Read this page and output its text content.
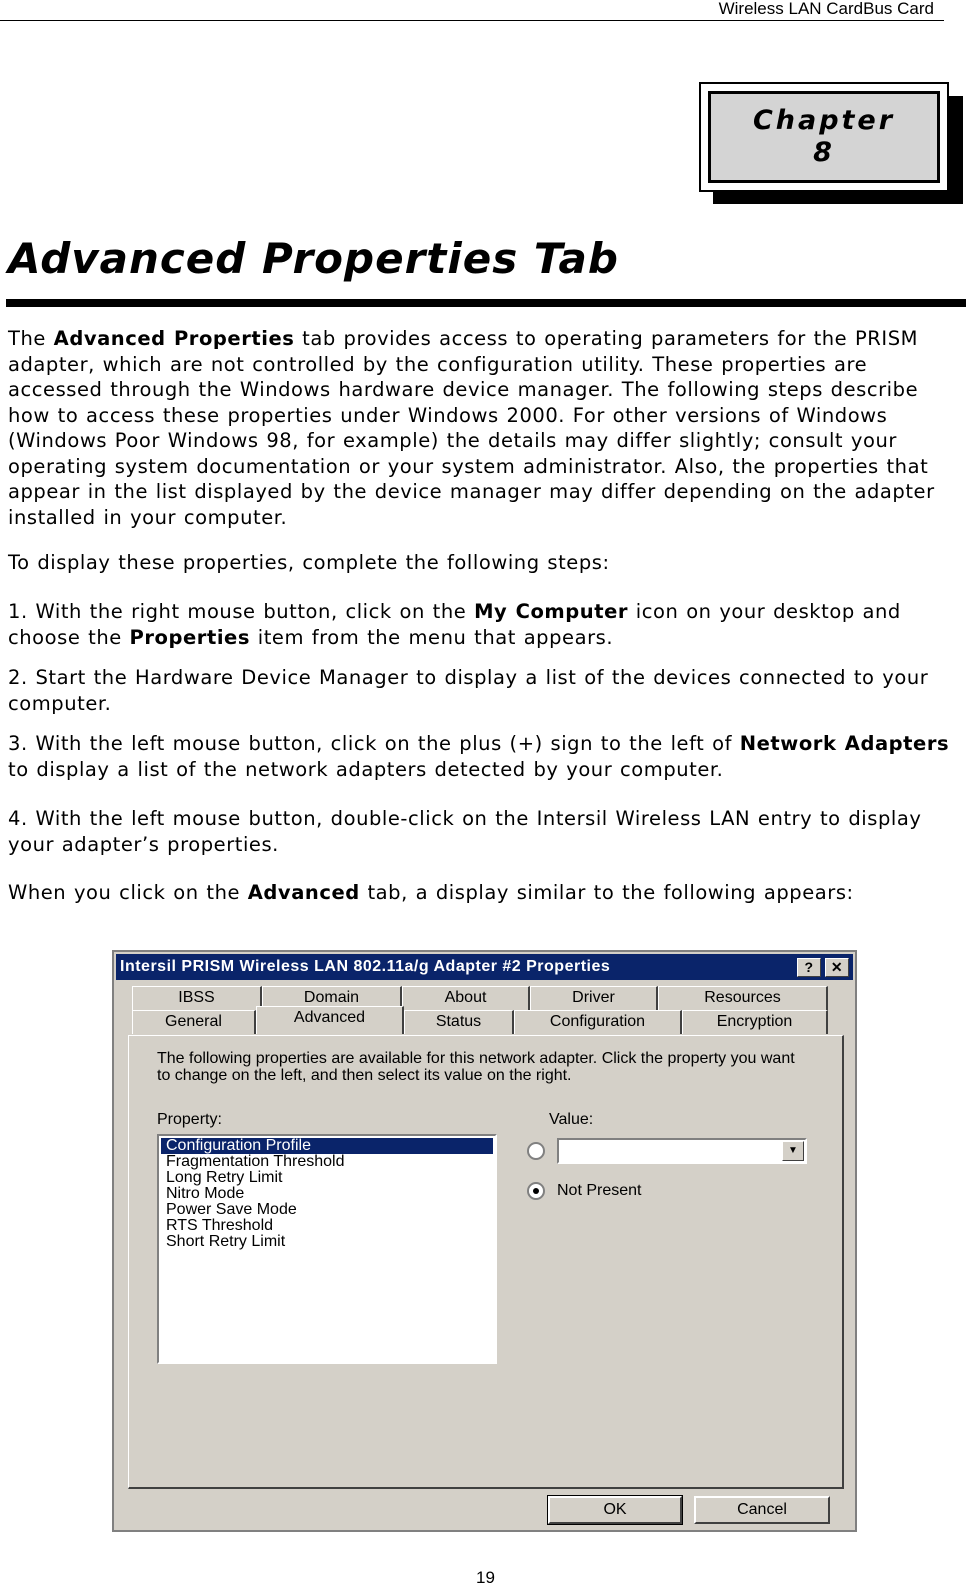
Wireless LAN CardBus Card
Chapter
8
Advanced Properties Tab
The Advanced Properties tab provides access to operating parameters for the PRISM adapter, which are not controlled by the configuration utility. These properties are accessed through the Windows hardware device manager. The following steps describe how to access these properties under Windows 2000. For other versions of Windows (Windows Poor Windows 98, for example) the details may differ slightly; consult your operating system documentation or your system administrator. Also, the properties that appear in the list displayed by the device manager may differ depending on the adapter installed in your computer.
To display these properties, complete the following steps:
1. With the right mouse button, click on the My Computer icon on your desktop and choose the Properties item from the menu that appears.
2. Start the Hardware Device Manager to display a list of the devices connected to your computer.
3. With the left mouse button, click on the plus (+) sign to the left of Network Adapters to display a list of the network adapters detected by your computer.
4. With the left mouse button, double-click on the Intersil Wireless LAN entry to display your adapter’s properties.
When you click on the Advanced tab, a display similar to the following appears:
Intersil PRISM Wireless LAN 802.11a/g Adapter #2 Properties	?	✕
IBSS	Domain	About	Driver	Resources
General	Advanced	Status	Configuration	Encryption
The following properties are available for this network adapter. Click the property you want to change on the left, and then select its value on the right.
Property:
Configuration Profile
Fragmentation Threshold
Long Retry Limit
Nitro Mode
Power Save Mode
RTS Threshold
Short Retry Limit
Value:
▼
Not Present
OK	Cancel
19
